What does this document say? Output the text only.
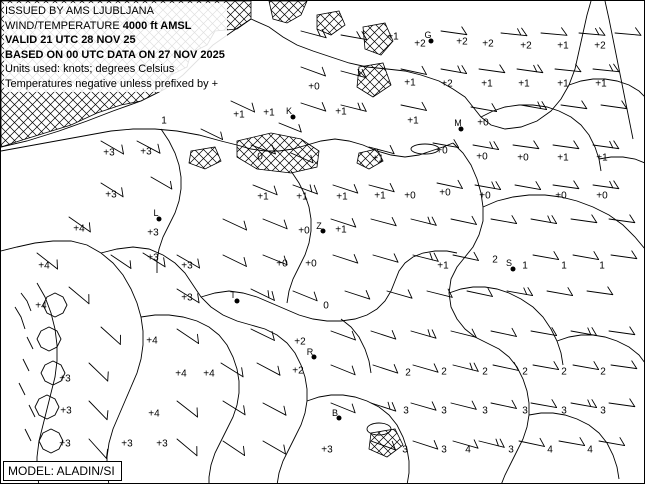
ISSUED BY AMS LJUBLJANA
WIND/TEMPERATURE 4000 ft AMSL
VALID 21 UTC 28 NOV 25
BASED ON 00 UTC DATA ON 27 NOV 2025
Units used: knots; degrees Celsius
Temperatures negative unless prefixed by +
MODEL: ALADIN/SI
+1
+2	+2 +2	+2	+1	+2
+0	+1	+2	+1	+1	+1	+1
+1 +1	+1
+1	+0
1
+3	+3	0	+1
+0
+0	+0	+1	+1
+3	+1	+1	+1	+1 +0 +0	+0	+0	+0
+4	+3	+0	+1
+3
+4	+0 +0	+1
2
1	1	1
+3
+4
+3
0
+4	+2
+3	+4 +4	+2	2	2	2	2	2	2
+3	+4	3	3	3	3	3	3
+3	+3 +3
+3	3	3 4	3	4	4
G
K
M
L
Z
S
T
R
B
